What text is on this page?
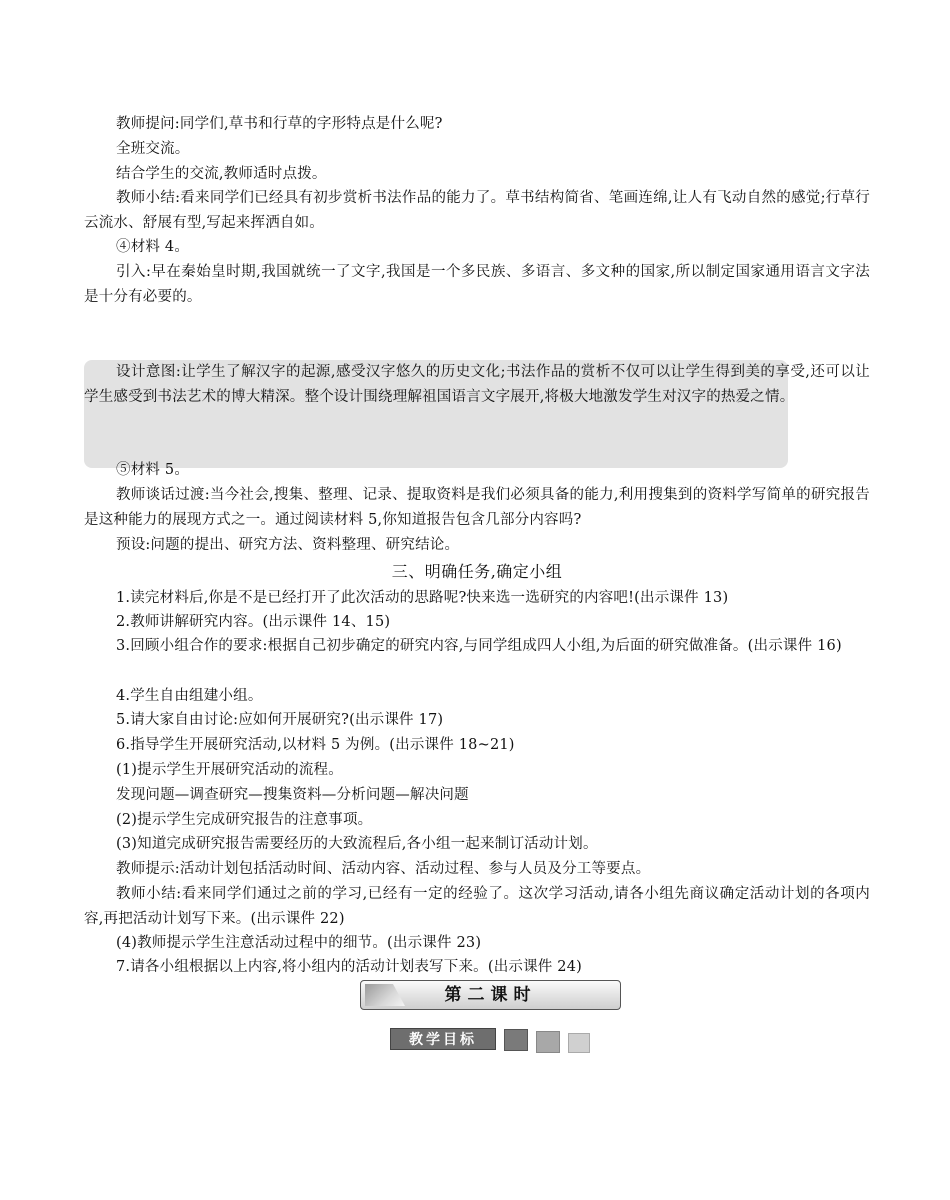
教师提问:同学们,草书和行草的字形特点是什么呢?

全班交流。

结合学生的交流,教师适时点拨。

教师小结:看来同学们已经具有初步赏析书法作品的能力了。草书结构简省、笔画连绵,让人有飞动自然的感觉;行草行云流水、舒展有型,写起来挥洒自如。

④材料 4。

引入:早在秦始皇时期,我国就统一了文字,我国是一个多民族、多语言、多文种的国家,所以制定国家通用语言文字法是十分有必要的。

设计意图:让学生了解汉字的起源,感受汉字悠久的历史文化;书法作品的赏析不仅可以让学生得到美的享受,还可以让学生感受到书法艺术的博大精深。整个设计围绕理解祖国语言文字展开,将极大地激发学生对汉字的热爱之情。

⑤材料 5。

教师谈话过渡:当今社会,搜集、整理、记录、提取资料是我们必须具备的能力,利用搜集到的资料学写简单的研究报告是这种能力的展现方式之一。通过阅读材料 5,你知道报告包含几部分内容吗?

预设:问题的提出、研究方法、资料整理、研究结论。

三、明确任务,确定小组

1.读完材料后,你是不是已经打开了此次活动的思路呢?快来选一选研究的内容吧!(出示课件 13)

2.教师讲解研究内容。(出示课件 14、15)

3.回顾小组合作的要求:根据自己初步确定的研究内容,与同学组成四人小组,为后面的研究做准备。(出示课件 16)

4.学生自由组建小组。

5.请大家自由讨论:应如何开展研究?(出示课件 17)

6.指导学生开展研究活动,以材料 5 为例。(出示课件 18~21)

(1)提示学生开展研究活动的流程。

发现问题—调查研究—搜集资料—分析问题—解决问题

(2)提示学生完成研究报告的注意事项。

(3)知道完成研究报告需要经历的大致流程后,各小组一起来制订活动计划。

教师提示:活动计划包括活动时间、活动内容、活动过程、参与人员及分工等要点。

教师小结:看来同学们通过之前的学习,已经有一定的经验了。这次学习活动,请各小组先商议确定活动计划的各项内容,再把活动计划写下来。(出示课件 22)

(4)教师提示学生注意活动过程中的细节。(出示课件 23)

7.请各小组根据以上内容,将小组内的活动计划表写下来。(出示课件 24)

第二课时
教学目标
